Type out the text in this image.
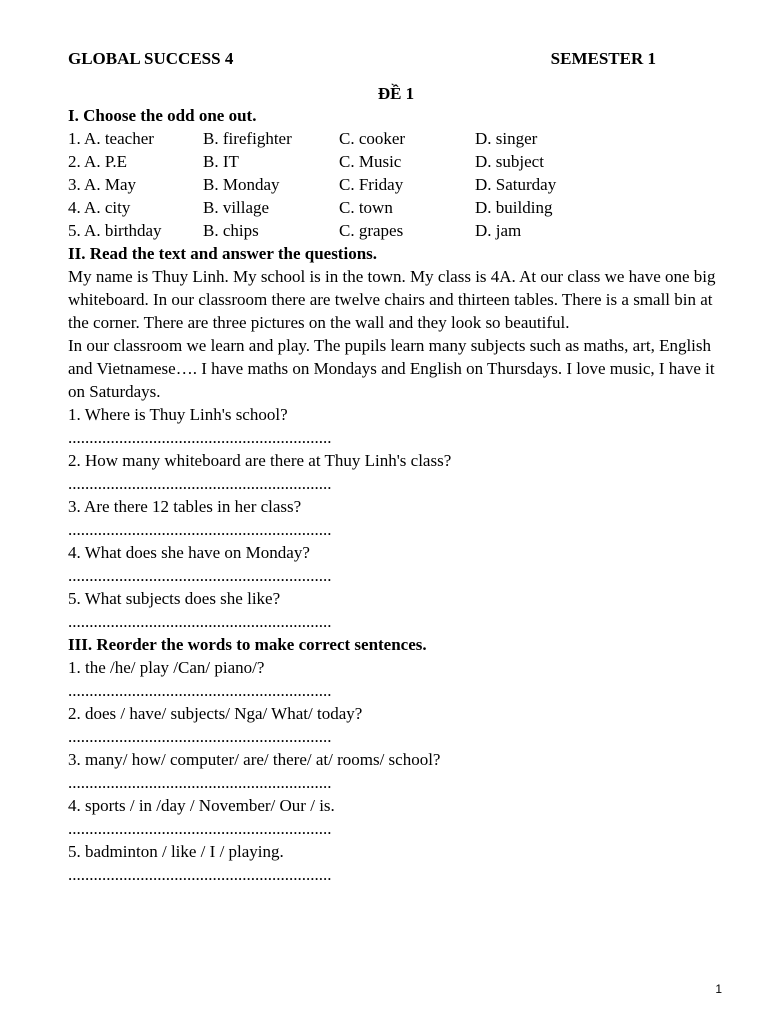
GLOBAL SUCCESS 4	SEMESTER 1
ĐỀ 1
I. Choose the odd one out.
1. A. teacher	B. firefighter	C. cooker	D. singer
2. A. P.E	B. IT	C. Music	D. subject
3. A. May	B. Monday	C. Friday	D. Saturday
4. A. city	B. village	C. town	D. building
5. A. birthday B. chips	C. grapes	D. jam
II. Read the text and answer the questions.

My name is Thuy Linh. My school is in the town. My class is 4A. At our class we have one big whiteboard. In our classroom there are twelve chairs and thirteen tables. There is a small bin at the corner. There are three pictures on the wall and they look so beautiful.

In our classroom we learn and play. The pupils learn many subjects such as maths, art, English and Vietnamese…. I have maths on Mondays and English on Thursdays. I love music, I have it on Saturdays.

1. Where is Thuy Linh's school?
..............................................................
2. How many whiteboard are there at Thuy Linh's class?
..............................................................
3. Are there 12 tables in her class?
..............................................................
4. What does she have on Monday?
..............................................................
5. What subjects does she like?
..............................................................
III. Reorder the words to make correct sentences.
1. the /he/ play /Can/ piano/?
..............................................................
2. does / have/ subjects/ Nga/ What/ today?
..............................................................
3. many/ how/ computer/ are/ there/ at/ rooms/ school?
..............................................................
4. sports / in /day / November/ Our / is.
..............................................................
5. badminton / like / I / playing.
..............................................................
1
